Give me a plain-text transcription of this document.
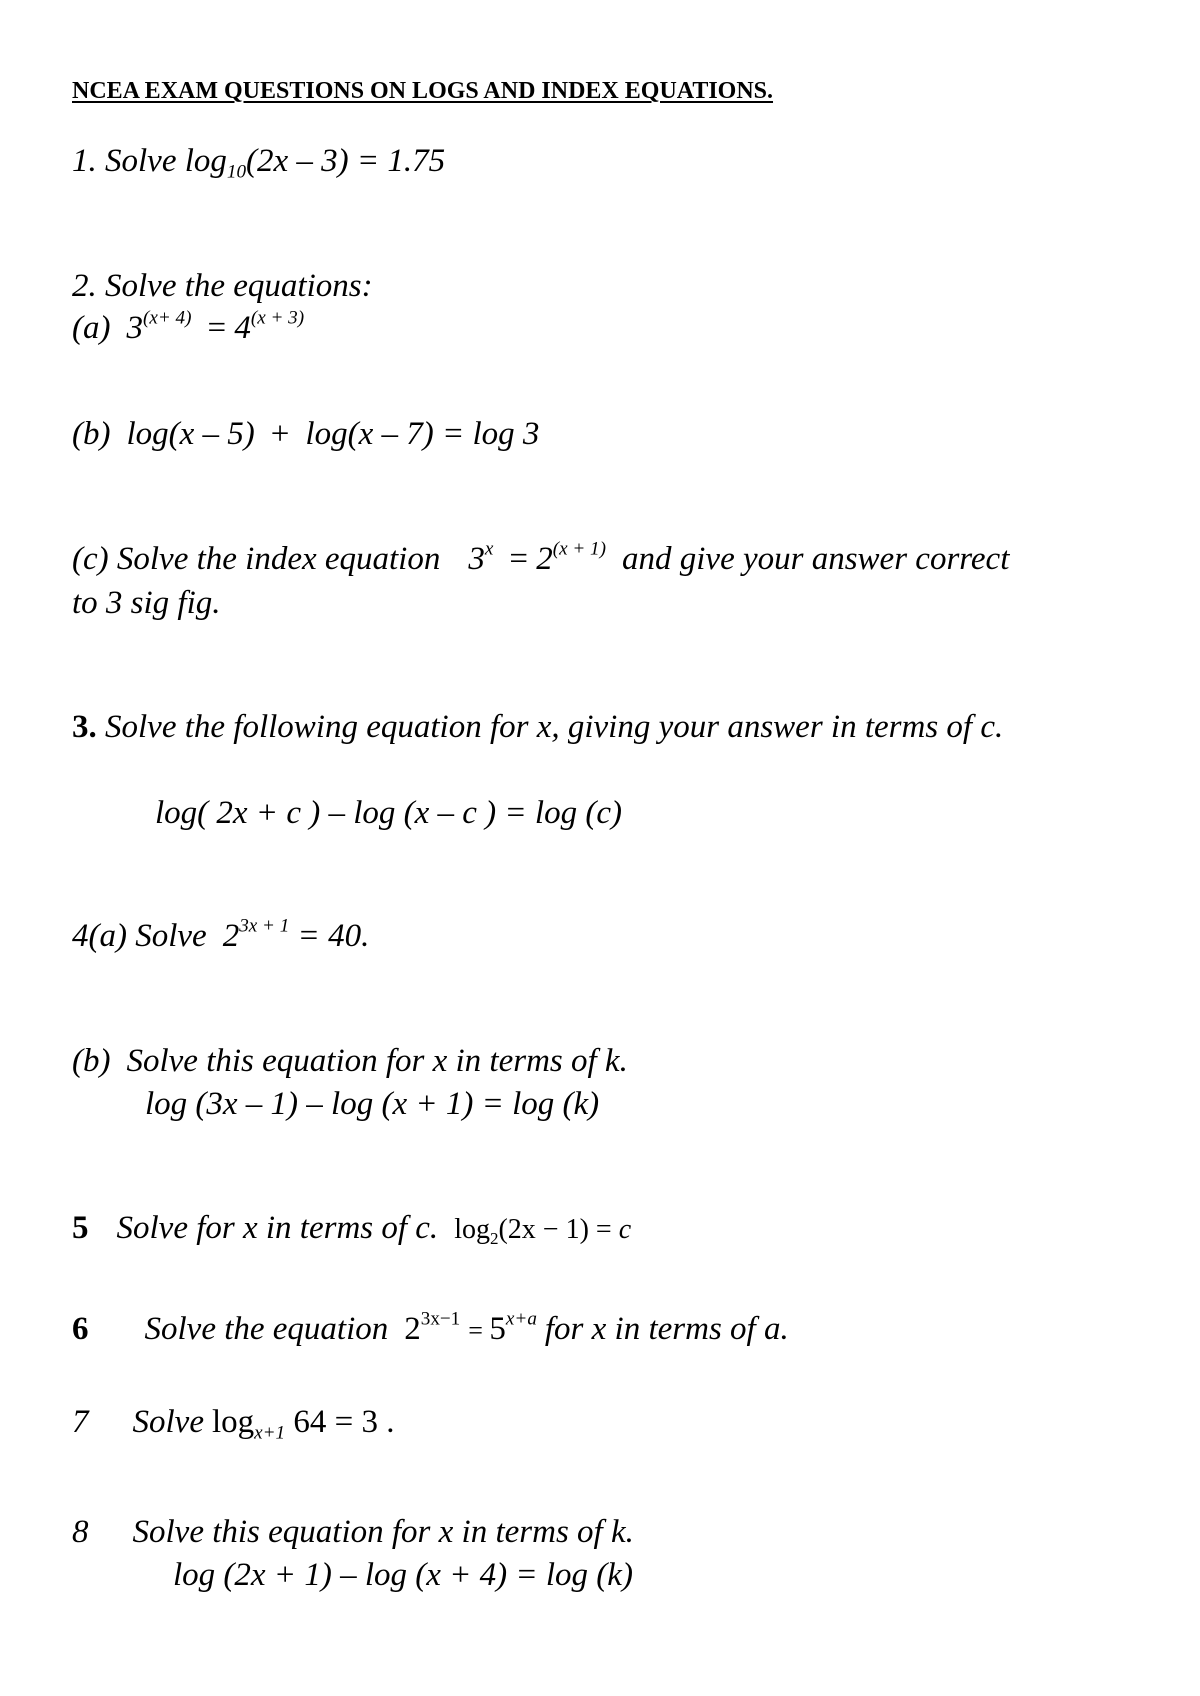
NCEA EXAM QUESTIONS ON LOGS AND INDEX EQUATIONS.
1. Solve $\log_{10}(2x - 3) = 1.75$
2. Solve the equations:
(a) $3^{(x+ 4)} = 4^{(x + 3)}$
(b) log(x – 5) + log(x – 7) = log 3
(c) Solve the index equation $3^x = 2^{(x + 1)}$ and give your answer correct
to 3 sig fig.
3. Solve the following equation for x, giving your answer in terms of c.
log( 2x + c ) – log (x – c ) = log (c)
4(a) Solve $2^{3x + 1} = 40$.
(b) Solve this equation for x in terms of k.
log (3x – 1) – log (x + 1) = log (k)
5 Solve for x in terms of c. $\log_2(2x - 1) = c$
6 Solve the equation $2^{3x-1} = 5^{x+a}$ for x in terms of a.
7 Solve $\log_{x+1} 64 = 3$ .
8 Solve this equation for x in terms of k.
log (2x + 1) – log (x + 4) = log (k)
